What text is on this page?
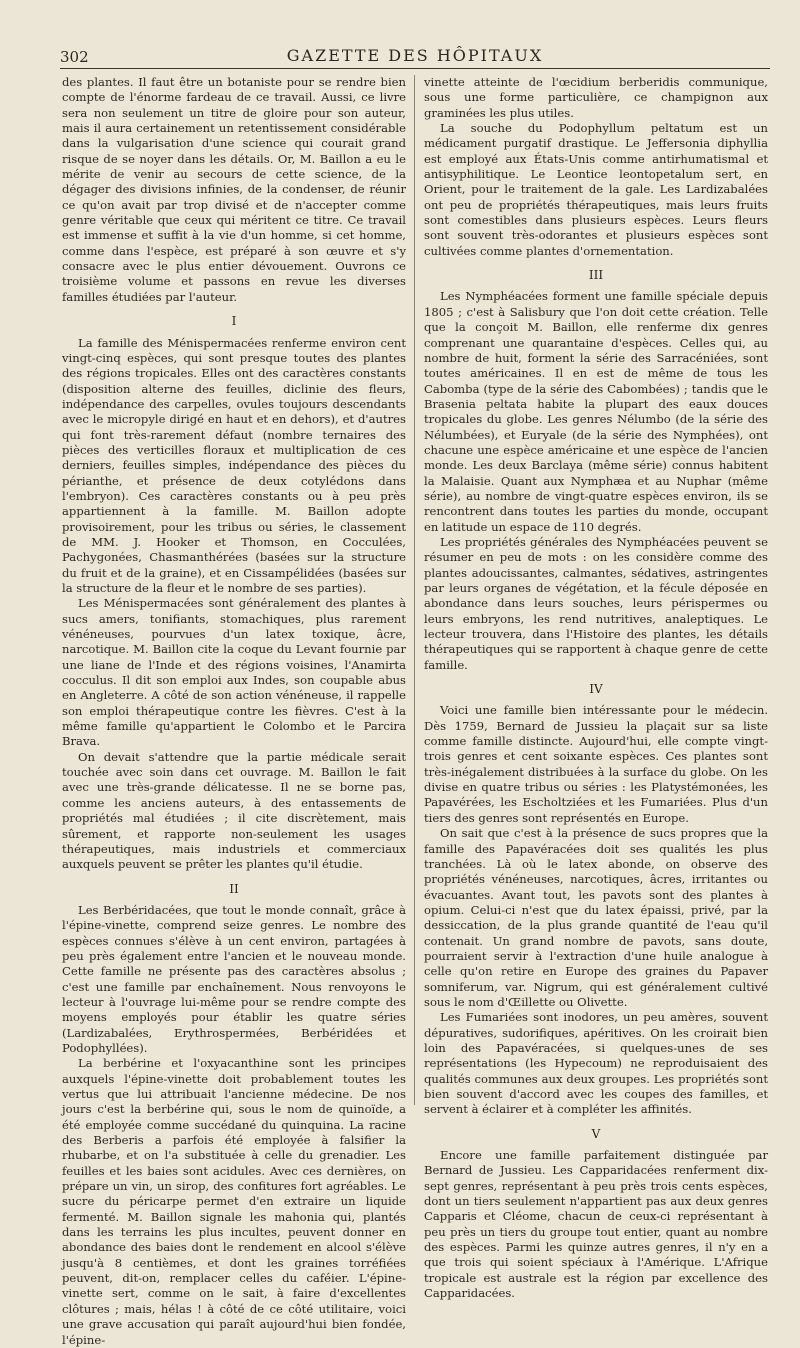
302	GAZETTE DES HÔPITAUX

des plantes. Il faut être un botaniste pour se rendre bien compte de l'énorme fardeau de ce travail. Aussi, ce livre sera non seulement un titre de gloire pour son auteur, mais il aura certainement un retentissement considérable dans la vulgarisation d'une science qui courait grand risque de se noyer dans les détails. Or, M. Baillon a eu le mérite de venir au secours de cette science, de la dégager des divisions infinies, de la condenser, de réunir ce qu'on avait par trop divisé et de n'accepter comme genre véritable que ceux qui méritent ce titre. Ce travail est immense et suffit à la vie d'un homme, si cet homme, comme dans l'espèce, est préparé à son œuvre et s'y consacre avec le plus entier dévouement. Ouvrons ce troisième volume et passons en revue les diverses familles étudiées par l'auteur.

I

La famille des Ménispermacées renferme environ cent vingt-cinq espèces, qui sont presque toutes des plantes des régions tropicales. Elles ont des caractères constants (disposition alterne des feuilles, diclinie des fleurs, indépendance des carpelles, ovules toujours descendants avec le micropyle dirigé en haut et en dehors), et d'autres qui font très-rarement défaut (nombre ternaires des pièces des verticilles floraux et multiplication de ces derniers, feuilles simples, indépendance des pièces du périanthe, et présence de deux cotylédons dans l'embryon). Ces caractères constants ou à peu près appartiennent à la famille. M. Baillon adopte provisoirement, pour les tribus ou séries, le classement de MM. J. Hooker et Thomson, en Cocculées, Pachygonées, Chasmanthérées (basées sur la structure du fruit et de la graine), et en Cissampélidées (basées sur la structure de la fleur et le nombre de ses parties).

Les Ménispermacées sont généralement des plantes à sucs amers, tonifiants, stomachiques, plus rarement vénéneuses, pourvues d'un latex toxique, âcre, narcotique. M. Baillon cite la coque du Levant fournie par une liane de l'Inde et des régions voisines, l'Anamirta cocculus. Il dit son emploi aux Indes, son coupable abus en Angleterre. A côté de son action vénéneuse, il rappelle son emploi thérapeutique contre les fièvres. C'est à la même famille qu'appartient le Colombo et le Parcira Brava.

On devait s'attendre que la partie médicale serait touchée avec soin dans cet ouvrage. M. Baillon le fait avec une très-grande délicatesse. Il ne se borne pas, comme les anciens auteurs, à des entassements de propriétés mal étudiées ; il cite discrètement, mais sûrement, et rapporte non-seulement les usages thérapeutiques, mais industriels et commerciaux auxquels peuvent se prêter les plantes qu'il étudie.

II

Les Berbéridacées, que tout le monde connaît, grâce à l'épine-vinette, comprend seize genres. Le nombre des espèces connues s'élève à un cent environ, partagées à peu près également entre l'ancien et le nouveau monde. Cette famille ne présente pas des caractères absolus ; c'est une famille par enchaînement. Nous renvoyons le lecteur à l'ouvrage lui-même pour se rendre compte des moyens employés pour établir les quatre séries (Lardizabalées, Erythrospermées, Berbéridées et Podophyllées).

La berbérine et l'oxyacanthine sont les principes auxquels l'épine-vinette doit probablement toutes les vertus que lui attribuait l'ancienne médecine. De nos jours c'est la berbérine qui, sous le nom de quinoïde, a été employée comme succédané du quinquina. La racine des Berberis a parfois été employée à falsifier la rhubarbe, et on l'a substituée à celle du grenadier. Les feuilles et les baies sont acidules. Avec ces dernières, on prépare un vin, un sirop, des confitures fort agréables. Le sucre du péricarpe permet d'en extraire un liquide fermenté. M. Baillon signale les mahonia qui, plantés dans les terrains les plus incultes, peuvent donner en abondance des baies dont le rendement en alcool s'élève jusqu'à 8 centièmes, et dont les graines torréfiées peuvent, dit-on, remplacer celles du caféier. L'épine-vinette sert, comme on le sait, à faire d'excellentes clôtures ; mais, hélas ! à côté de ce côté utilitaire, voici une grave accusation qui paraît aujourd'hui bien fondée, l'épine-

vinette atteinte de l'œcidium berberidis communique, sous une forme particulière, ce champignon aux graminées les plus utiles.

La souche du Podophyllum peltatum est un médicament purgatif drastique. Le Jeffersonia diphyllia est employé aux États-Unis comme antirhumatismal et antisyphilitique. Le Leontice leontopetalum sert, en Orient, pour le traitement de la gale. Les Lardizabalées ont peu de propriétés thérapeutiques, mais leurs fruits sont comestibles dans plusieurs espèces. Leurs fleurs sont souvent très-odorantes et plusieurs espèces sont cultivées comme plantes d'ornementation.

III

Les Nymphéacées forment une famille spéciale depuis 1805 ; c'est à Salisbury que l'on doit cette création. Telle que la conçoit M. Baillon, elle renferme dix genres comprenant une quarantaine d'espèces. Celles qui, au nombre de huit, forment la série des Sarracéniées, sont toutes américaines. Il en est de même de tous les Cabomba (type de la série des Cabombées) ; tandis que le Brasenia peltata habite la plupart des eaux douces tropicales du globe. Les genres Nélumbo (de la série des Nélumbées), et Euryale (de la série des Nymphées), ont chacune une espèce américaine et une espèce de l'ancien monde. Les deux Barclaya (même série) connus habitent la Malaisie. Quant aux Nymphæa et au Nuphar (même série), au nombre de vingt-quatre espèces environ, ils se rencontrent dans toutes les parties du monde, occupant en latitude un espace de 110 degrés.

Les propriétés générales des Nymphéacées peuvent se résumer en peu de mots : on les considère comme des plantes adoucissantes, calmantes, sédatives, astringentes par leurs organes de végétation, et la fécule déposée en abondance dans leurs souches, leurs périspermes ou leurs embryons, les rend nutritives, analeptiques. Le lecteur trouvera, dans l'Histoire des plantes, les détails thérapeutiques qui se rapportent à chaque genre de cette famille.

IV

Voici une famille bien intéressante pour le médecin. Dès 1759, Bernard de Jussieu la plaçait sur sa liste comme famille distincte. Aujourd'hui, elle compte vingt-trois genres et cent soixante espèces. Ces plantes sont très-inégalement distribuées à la surface du globe. On les divise en quatre tribus ou séries : les Platystémonées, les Papavérées, les Escholtziées et les Fumariées. Plus d'un tiers des genres sont représentés en Europe.

On sait que c'est à la présence de sucs propres que la famille des Papavéracées doit ses qualités les plus tranchées. Là où le latex abonde, on observe des propriétés vénéneuses, narcotiques, âcres, irritantes ou évacuantes. Avant tout, les pavots sont des plantes à opium. Celui-ci n'est que du latex épaissi, privé, par la dessiccation, de la plus grande quantité de l'eau qu'il contenait. Un grand nombre de pavots, sans doute, pourraient servir à l'extraction d'une huile analogue à celle qu'on retire en Europe des graines du Papaver somniferum, var. Nigrum, qui est généralement cultivé sous le nom d'Œillette ou Olivette.

Les Fumariées sont inodores, un peu amères, souvent dépuratives, sudorifiques, apéritives. On les croirait bien loin des Papavéracées, si quelques-unes de ses représentations (les Hypecoum) ne reproduisaient des qualités communes aux deux groupes. Les propriétés sont bien souvent d'accord avec les coupes des familles, et servent à éclairer et à compléter les affinités.

V

Encore une famille parfaitement distinguée par Bernard de Jussieu. Les Capparidacées renferment dix-sept genres, représentant à peu près trois cents espèces, dont un tiers seulement n'appartient pas aux deux genres Capparis et Cléome, chacun de ceux-ci représentant à peu près un tiers du groupe tout entier, quant au nombre des espèces. Parmi les quinze autres genres, il n'y en a que trois qui soient spéciaux à l'Amérique. L'Afrique tropicale est australe est la région par excellence des Capparidacées.
